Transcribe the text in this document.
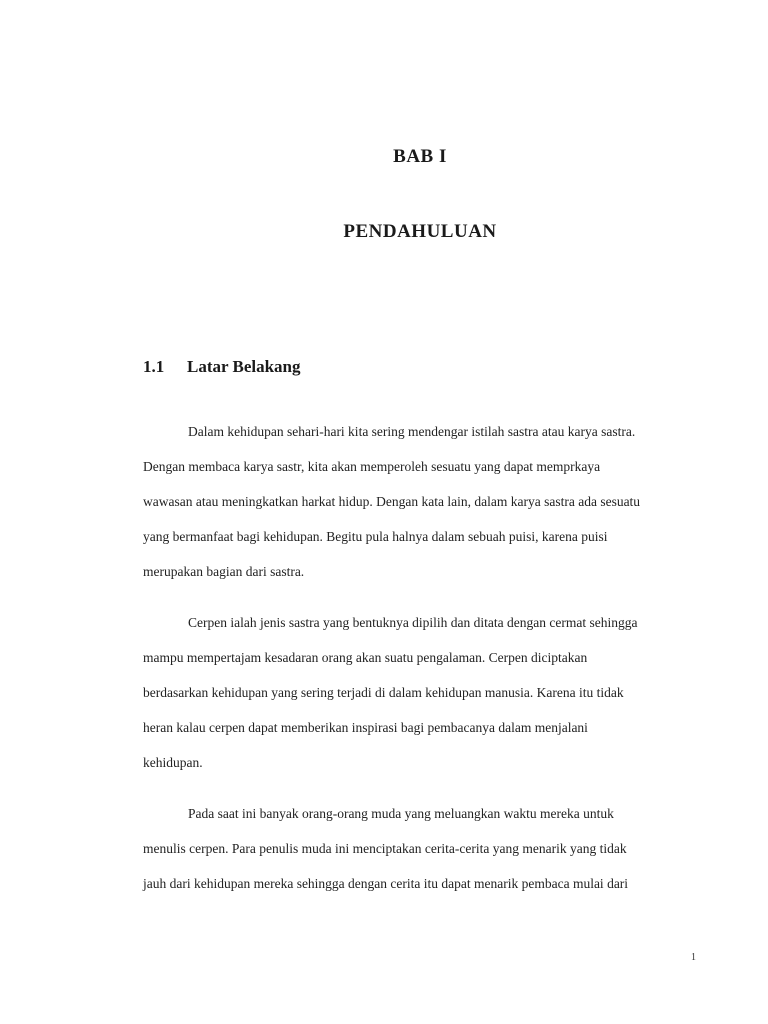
BAB I
PENDAHULUAN
1.1 Latar Belakang
Dalam kehidupan sehari-hari kita sering mendengar istilah sastra atau karya sastra.
Dengan membaca karya sastr, kita akan memperoleh sesuatu yang dapat memprkaya
wawasan atau meningkatkan harkat hidup. Dengan kata lain, dalam karya sastra ada sesuatu
yang bermanfaat bagi kehidupan. Begitu pula halnya dalam sebuah puisi, karena puisi
merupakan bagian dari sastra.
Cerpen ialah jenis sastra yang bentuknya dipilih dan ditata dengan cermat sehingga
mampu mempertajam kesadaran orang akan suatu pengalaman. Cerpen diciptakan
berdasarkan kehidupan yang sering terjadi di dalam kehidupan manusia. Karena itu tidak
heran kalau cerpen dapat memberikan inspirasi bagi pembacanya dalam menjalani
kehidupan.
Pada saat ini banyak orang-orang muda yang meluangkan waktu mereka untuk
menulis cerpen. Para penulis muda ini menciptakan cerita-cerita yang menarik yang tidak
jauh dari kehidupan mereka sehingga dengan cerita itu dapat menarik pembaca mulai dari
1
